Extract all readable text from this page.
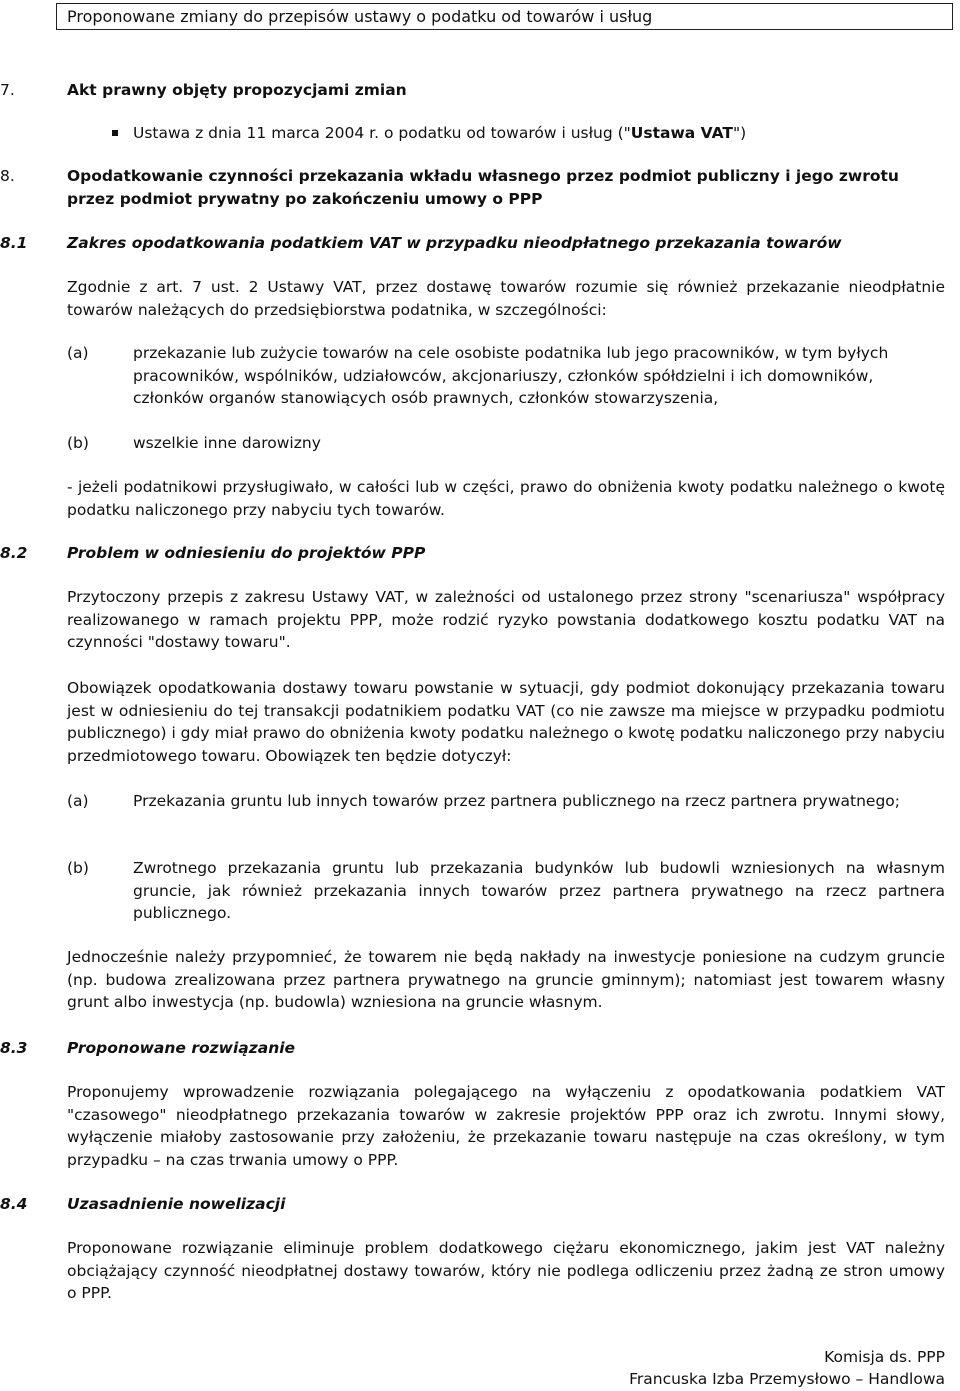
Proponowane zmiany do przepisów ustawy o podatku od towarów i usług
7.	Akt prawny objęty propozycjami zmian
Ustawa z dnia 11 marca 2004 r. o podatku od towarów i usług ("Ustawa VAT")
8.	Opodatkowanie czynności przekazania wkładu własnego przez podmiot publiczny i jego zwrotu
przez podmiot prywatny po zakończeniu umowy o PPP
8.1	Zakres opodatkowania podatkiem VAT w przypadku nieodpłatnego przekazania towarów

Zgodnie z art. 7 ust. 2 Ustawy VAT, przez dostawę towarów rozumie się również przekazanie nieodpłatnie towarów należących do przedsiębiorstwa podatnika, w szczególności:

(a)	przekazanie lub zużycie towarów na cele osobiste podatnika lub jego pracowników, w tym byłych pracowników, wspólników, udziałowców, akcjonariuszy, członków spółdzielni i ich domowników, członków organów stanowiących osób prawnych, członków stowarzyszenia,

(b)	wszelkie inne darowizny

- jeżeli podatnikowi przysługiwało, w całości lub w części, prawo do obniżenia kwoty podatku należnego o kwotę podatku naliczonego przy nabyciu tych towarów.

8.2	Problem w odniesieniu do projektów PPP

Przytoczony przepis z zakresu Ustawy VAT, w zależności od ustalonego przez strony "scenariusza" współpracy realizowanego w ramach projektu PPP, może rodzić ryzyko powstania dodatkowego kosztu podatku VAT na czynności "dostawy towaru".

Obowiązek opodatkowania dostawy towaru powstanie w sytuacji, gdy podmiot dokonujący przekazania towaru jest w odniesieniu do tej transakcji podatnikiem podatku VAT (co nie zawsze ma miejsce w przypadku podmiotu publicznego) i gdy miał prawo do obniżenia kwoty podatku należnego o kwotę podatku naliczonego przy nabyciu przedmiotowego towaru. Obowiązek ten będzie dotyczył:

(a)	Przekazania gruntu lub innych towarów przez partnera publicznego na rzecz partnera prywatnego;

(b)	Zwrotnego przekazania gruntu lub przekazania budynków lub budowli wzniesionych na własnym gruncie, jak również przekazania innych towarów przez partnera prywatnego na rzecz partnera publicznego.

Jednocześnie należy przypomnieć, że towarem nie będą nakłady na inwestycje poniesione na cudzym gruncie (np. budowa zrealizowana przez partnera prywatnego na gruncie gminnym); natomiast jest towarem własny grunt albo inwestycja (np. budowla) wzniesiona na gruncie własnym.

8.3	Proponowane rozwiązanie

Proponujemy wprowadzenie rozwiązania polegającego na wyłączeniu z opodatkowania podatkiem VAT "czasowego" nieodpłatnego przekazania towarów w zakresie projektów PPP oraz ich zwrotu. Innymi słowy, wyłączenie miałoby zastosowanie przy założeniu, że przekazanie towaru następuje na czas określony, w tym przypadku – na czas trwania umowy o PPP.

8.4	Uzasadnienie nowelizacji

Proponowane rozwiązanie eliminuje problem dodatkowego ciężaru ekonomicznego, jakim jest VAT należny obciążający czynność nieodpłatnej dostawy towarów, który nie podlega odliczeniu przez żadną ze stron umowy o PPP.

Komisja ds. PPP
Francuska Izba Przemysłowo – Handlowa
